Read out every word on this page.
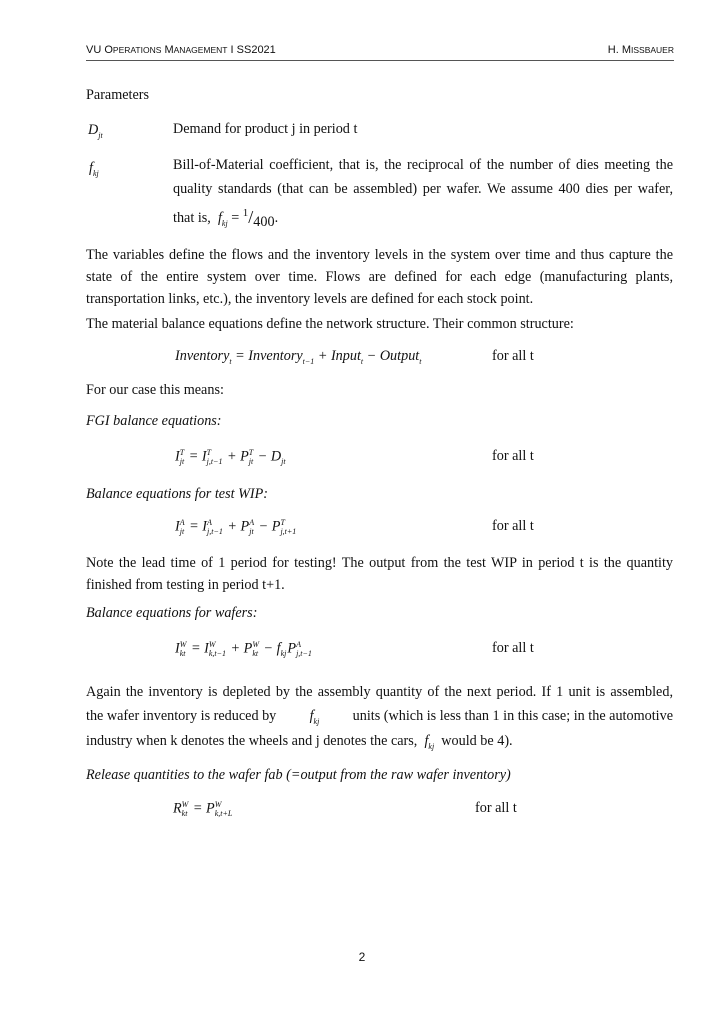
VU OPERATIONS MANAGEMENT I SS2021	H. MISSBAUER
Parameters
$D_{jt}$	Demand for product j in period t
$f_{kj}$
Bill-of-Material coefficient, that is, the reciprocal of the number of dies meeting the
quality standards (that can be assembled) per wafer. We assume 400 dies per wafer,
that is,  $f_{kj} = ^1/400$.

The variables define the flows and the inventory levels in the system over time and thus capture the state of the entire system over time. Flows are defined for each edge (manufacturing plants, transportation links, etc.), the inventory levels are defined for each stock point.

The material balance equations define the network structure. Their common structure:

Inventory$_t$ = Inventory$_{t-1}$ + Input$_t$ − Output$_t$	for all t
For our case this means:
FGI balance equations:
I T
jt = I T
j,t−1 + P T
jt − D
jt	for all t
Balance equations for test WIP:
I A
jt = I A
j,t−1 + P A
jt − P T
j,t+1	for all t

Note the lead time of 1 period for testing! The output from the test WIP in period t is the quantity finished from testing in period t+1.

Balance equations for wafers:
I W
kt = I W
k,t−1 + P W
kt − f
kj P A
j,t−1	for all t
Again the inventory is depleted by the assembly quantity of the next period. If 1 unit is assembled,
the wafer inventory is reduced by $f_{kj}$ units (which is less than 1 in this case; in the automotive
industry when k denotes the wheels and j denotes the cars,  $f_{kj}$ would be 4).
Release quantities to the wafer fab (=output from the raw wafer inventory)
R W
kt = P W
k,t+L	for all t
2
